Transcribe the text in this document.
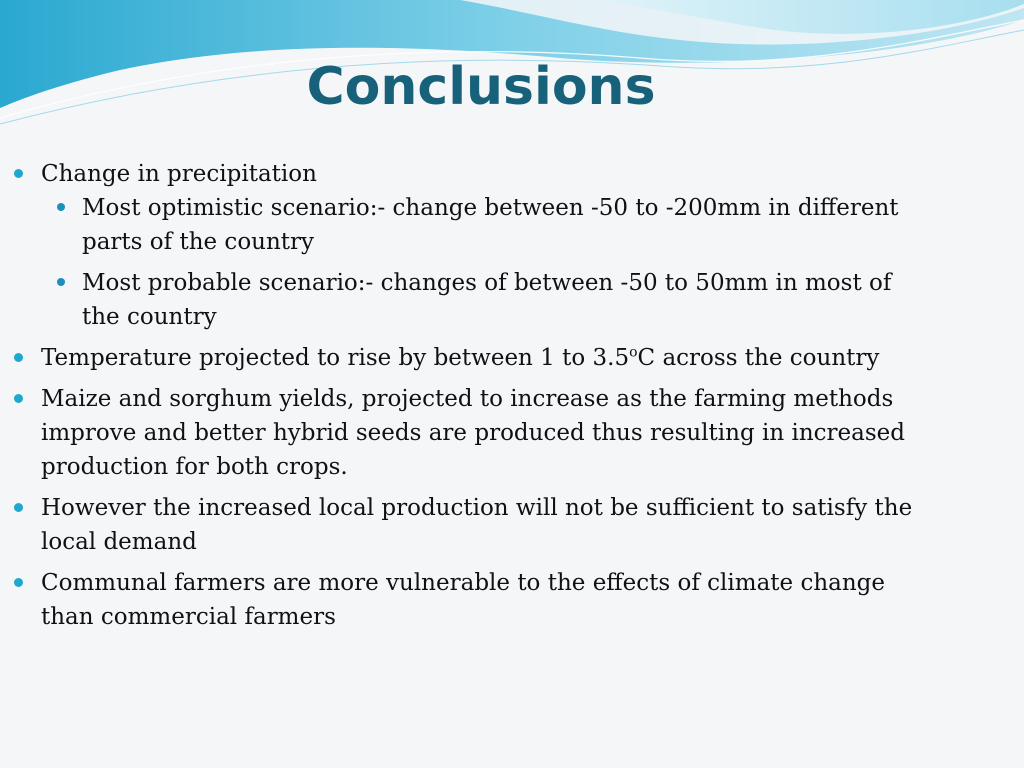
Conclusions
Change in precipitation
Most optimistic scenario:- change between -50 to -200mm in different parts of the country
Most probable scenario:- changes of between -50 to 50mm in most of the country
Temperature projected to rise by between 1 to 3.5$^o$C across the country
Maize and sorghum yields, projected to increase as the farming methods improve and better hybrid seeds are produced thus resulting in increased production for both crops.
However the increased local production will not be sufficient to satisfy the local demand
Communal farmers are more vulnerable to the effects of climate change than commercial farmers
